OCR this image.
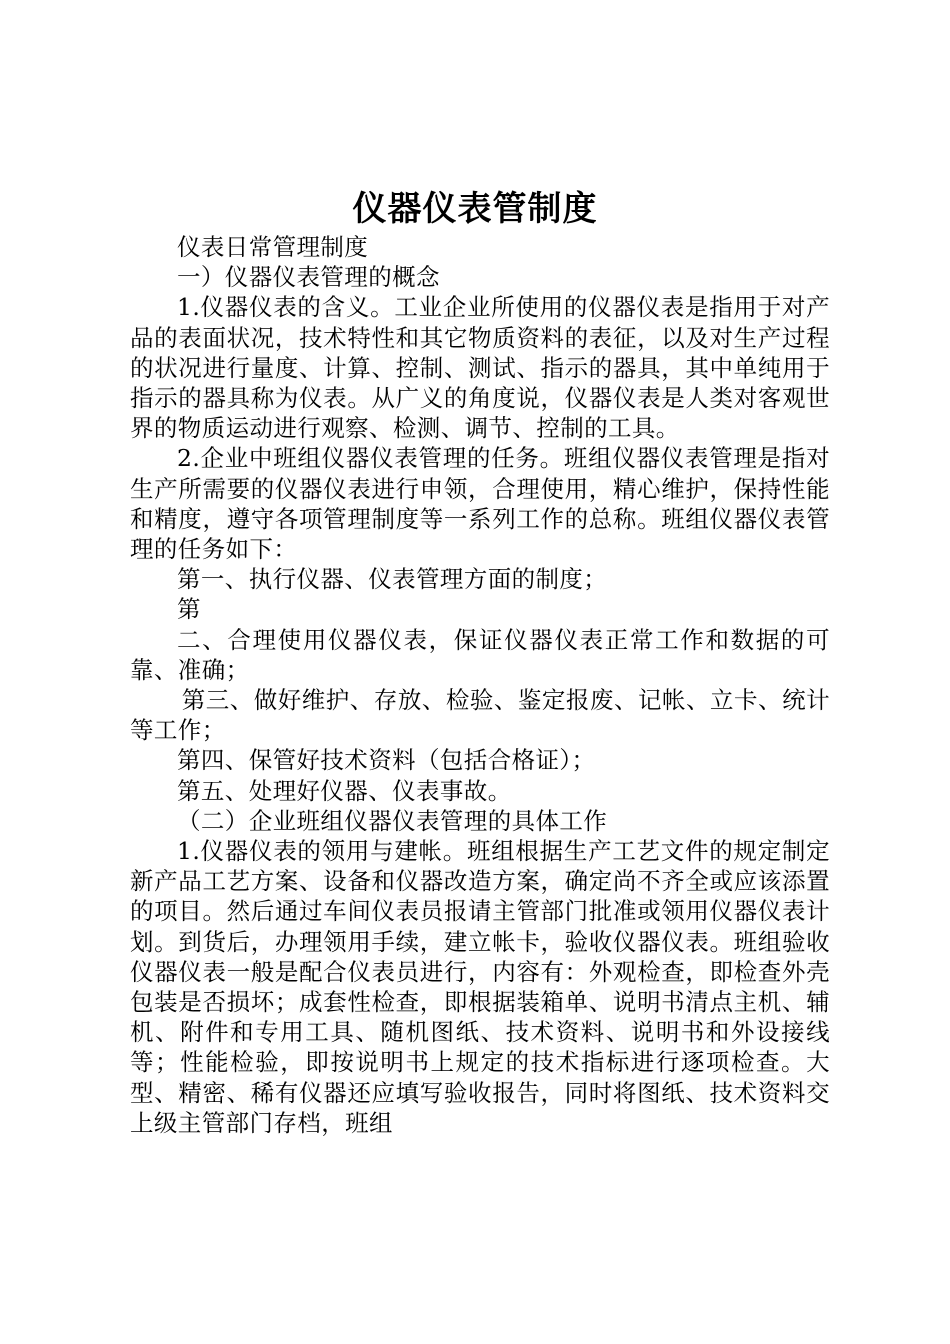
仪器仪表管制度

仪表日常管理制度

一）仪器仪表管理的概念

1.仪器仪表的含义。工业企业所使用的仪器仪表是指用于对产品的表面状况，技术特性和其它物质资料的表征，以及对生产过程的状况进行量度、计算、控制、测试、指示的器具，其中单纯用于指示的器具称为仪表。从广义的角度说，仪器仪表是人类对客观世界的物质运动进行观察、检测、调节、控制的工具。

2.企业中班组仪器仪表管理的任务。班组仪器仪表管理是指对生产所需要的仪器仪表进行申领，合理使用，精心维护，保持性能和精度，遵守各项管理制度等一系列工作的总称。班组仪器仪表管理的任务如下：

第一、执行仪器、仪表管理方面的制度；

第

二、合理使用仪器仪表，保证仪器仪表正常工作和数据的可靠、准确；

第三、做好维护、存放、检验、鉴定报废、记帐、立卡、统计等工作；

第四、保管好技术资料（包括合格证）；

第五、处理好仪器、仪表事故。

（二）企业班组仪器仪表管理的具体工作

1.仪器仪表的领用与建帐。班组根据生产工艺文件的规定制定新产品工艺方案、设备和仪器改造方案，确定尚不齐全或应该添置的项目。然后通过车间仪表员报请主管部门批准或领用仪器仪表计划。到货后，办理领用手续，建立帐卡，验收仪器仪表。班组验收仪器仪表一般是配合仪表员进行，内容有：外观检查，即检查外壳包装是否损坏；成套性检查，即根据装箱单、说明书清点主机、辅机、附件和专用工具、随机图纸、技术资料、说明书和外设接线等；性能检验，即按说明书上规定的技术指标进行逐项检查。大型、精密、稀有仪器还应填写验收报告，同时将图纸、技术资料交上级主管部门存档，班组
